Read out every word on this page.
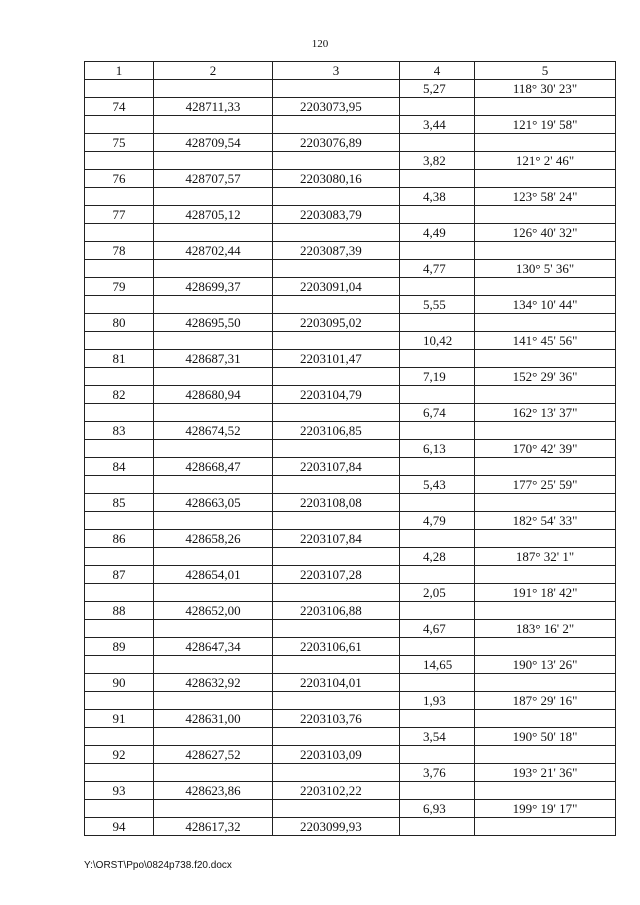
120
1	2	3	4	5
			5,27	118° 30' 23"
74	428711,33	2203073,95		
			3,44	121° 19' 58"
75	428709,54	2203076,89		
			3,82	121° 2' 46"
76	428707,57	2203080,16		
			4,38	123° 58' 24"
77	428705,12	2203083,79		
			4,49	126° 40' 32"
78	428702,44	2203087,39		
			4,77	130° 5' 36"
79	428699,37	2203091,04		
			5,55	134° 10' 44"
80	428695,50	2203095,02		
			10,42	141° 45' 56"
81	428687,31	2203101,47		
			7,19	152° 29' 36"
82	428680,94	2203104,79		
			6,74	162° 13' 37"
83	428674,52	2203106,85		
			6,13	170° 42' 39"
84	428668,47	2203107,84		
			5,43	177° 25' 59"
85	428663,05	2203108,08		
			4,79	182° 54' 33"
86	428658,26	2203107,84		
			4,28	187° 32' 1"
87	428654,01	2203107,28		
			2,05	191° 18' 42"
88	428652,00	2203106,88		
			4,67	183° 16' 2"
89	428647,34	2203106,61		
			14,65	190° 13' 26"
90	428632,92	2203104,01		
			1,93	187° 29' 16"
91	428631,00	2203103,76		
			3,54	190° 50' 18"
92	428627,52	2203103,09		
			3,76	193° 21' 36"
93	428623,86	2203102,22		
			6,93	199° 19' 17"
94	428617,32	2203099,93		
Y:\ORST\Ppo\0824p738.f20.docx
